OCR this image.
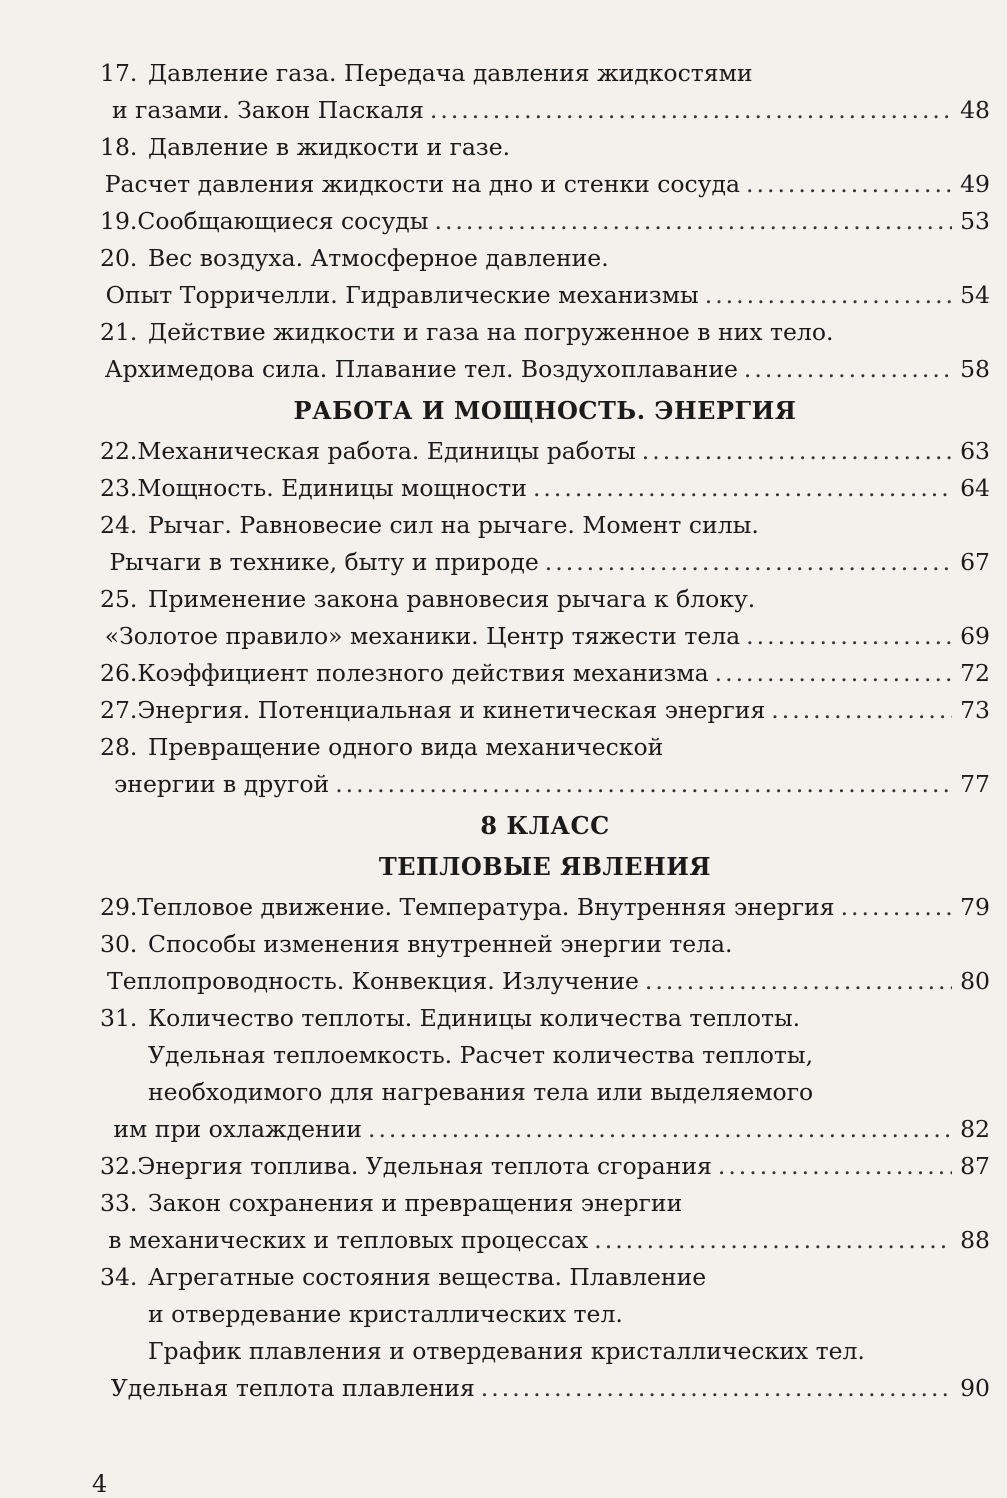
17. Давление газа. Передача давления жидкостями
и газами. Закон Паскаля .....	48
18. Давление в жидкости и газе.
Расчет давления жидкости на дно и стенки сосуда .....	49
19. Сообщающиеся сосуды .....	53
20. Вес воздуха. Атмосферное давление.
Опыт Торричелли. Гидравлические механизмы .....	54
21. Действие жидкости и газа на погруженное в них тело.
Архимедова сила. Плавание тел. Воздухоплавание .....	58
РАБОТА И МОЩНОСТЬ. ЭНЕРГИЯ
22. Механическая работа. Единицы работы .....	63
23. Мощность. Единицы мощности .....	64
24. Рычаг. Равновесие сил на рычаге. Момент силы.
Рычаги в технике, быту и природе .....	67
25. Применение закона равновесия рычага к блоку.
«Золотое правило» механики. Центр тяжести тела .....	69
26. Коэффициент полезного действия механизма .....	72
27. Энергия. Потенциальная и кинетическая энергия .....	73
28. Превращение одного вида механической
энергии в другой .....	77
8 КЛАСС
ТЕПЛОВЫЕ ЯВЛЕНИЯ
29. Тепловое движение. Температура. Внутренняя энергия .....	79
30. Способы изменения внутренней энергии тела.
Теплопроводность. Конвекция. Излучение .....	80
31. Количество теплоты. Единицы количества теплоты.
Удельная теплоемкость. Расчет количества теплоты,
необходимого для нагревания тела или выделяемого
им при охлаждении .....	82
32. Энергия топлива. Удельная теплота сгорания .....	87
33. Закон сохранения и превращения энергии
в механических и тепловых процессах .....	88
34. Агрегатные состояния вещества. Плавление
и отвердевание кристаллических тел.
График плавления и отвердевания кристаллических тел.
Удельная теплота плавления .....	90
4
